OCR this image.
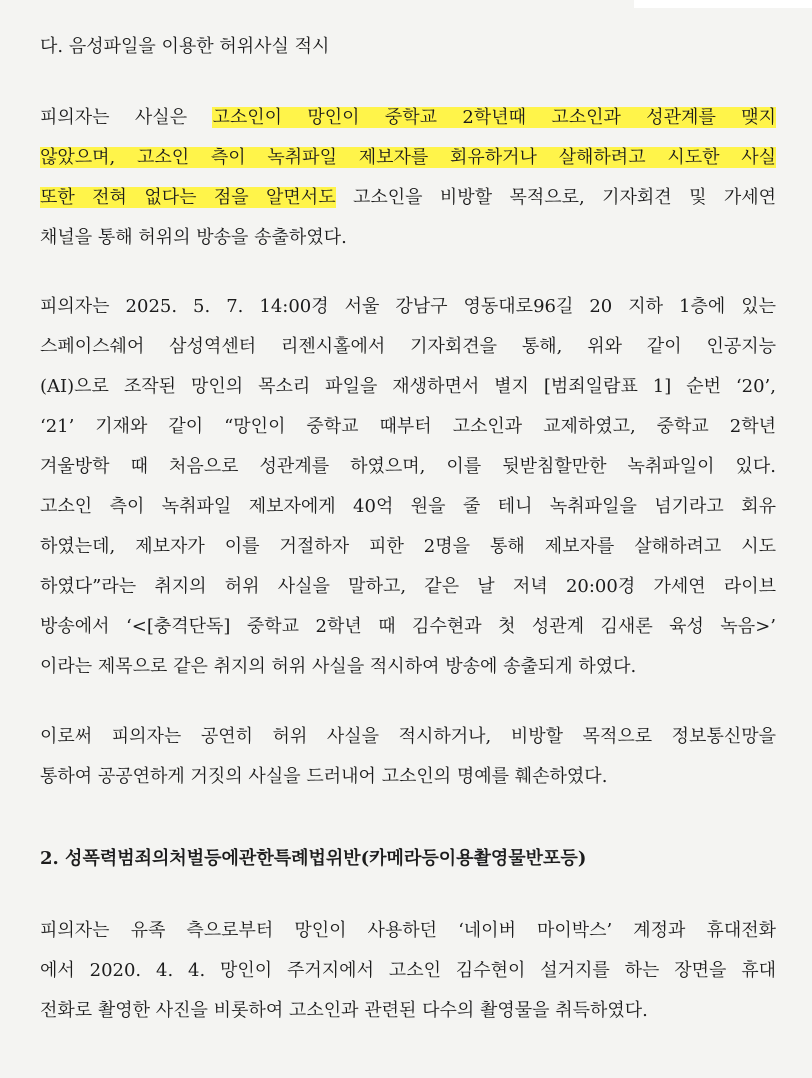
다. 음성파일을 이용한 허위사실 적시
피의자는 사실은 고소인이 망인이 중학교 2학년때 고소인과 성관계를 맺지
않았으며, 고소인 측이 녹취파일 제보자를 회유하거나 살해하려고 시도한 사실
또한 전혀 없다는 점을 알면서도 고소인을 비방할 목적으로, 기자회견 및 가세연
채널을 통해 허위의 방송을 송출하였다.
피의자는 2025. 5. 7. 14:00경 서울 강남구 영동대로96길 20 지하 1층에 있는
스페이스쉐어 삼성역센터 리젠시홀에서 기자회견을 통해, 위와 같이 인공지능
(AI)으로 조작된 망인의 목소리 파일을 재생하면서 별지 [범죄일람표 1] 순번 ‘20’,
‘21’ 기재와 같이 “망인이 중학교 때부터 고소인과 교제하였고, 중학교 2학년
겨울방학 때 처음으로 성관계를 하였으며, 이를 뒷받침할만한 녹취파일이 있다.
고소인 측이 녹취파일 제보자에게 40억 원을 줄 테니 녹취파일을 넘기라고 회유
하였는데, 제보자가 이를 거절하자 피한 2명을 통해 제보자를 살해하려고 시도
하였다”라는 취지의 허위 사실을 말하고, 같은 날 저녁 20:00경 가세연 라이브
방송에서 ‘<[충격단독] 중학교 2학년 때 김수현과 첫 성관계 김새론 육성 녹음>’
이라는 제목으로 같은 취지의 허위 사실을 적시하여 방송에 송출되게 하였다.
이로써 피의자는 공연히 허위 사실을 적시하거나, 비방할 목적으로 정보통신망을
통하여 공공연하게 거짓의 사실을 드러내어 고소인의 명예를 훼손하였다.
2. 성폭력범죄의처벌등에관한특례법위반(카메라등이용촬영물반포등)
피의자는 유족 측으로부터 망인이 사용하던 ‘네이버 마이박스’ 계정과 휴대전화
에서 2020. 4. 4. 망인이 주거지에서 고소인 김수현이 설거지를 하는 장면을 휴대
전화로 촬영한 사진을 비롯하여 고소인과 관련된 다수의 촬영물을 취득하였다.
